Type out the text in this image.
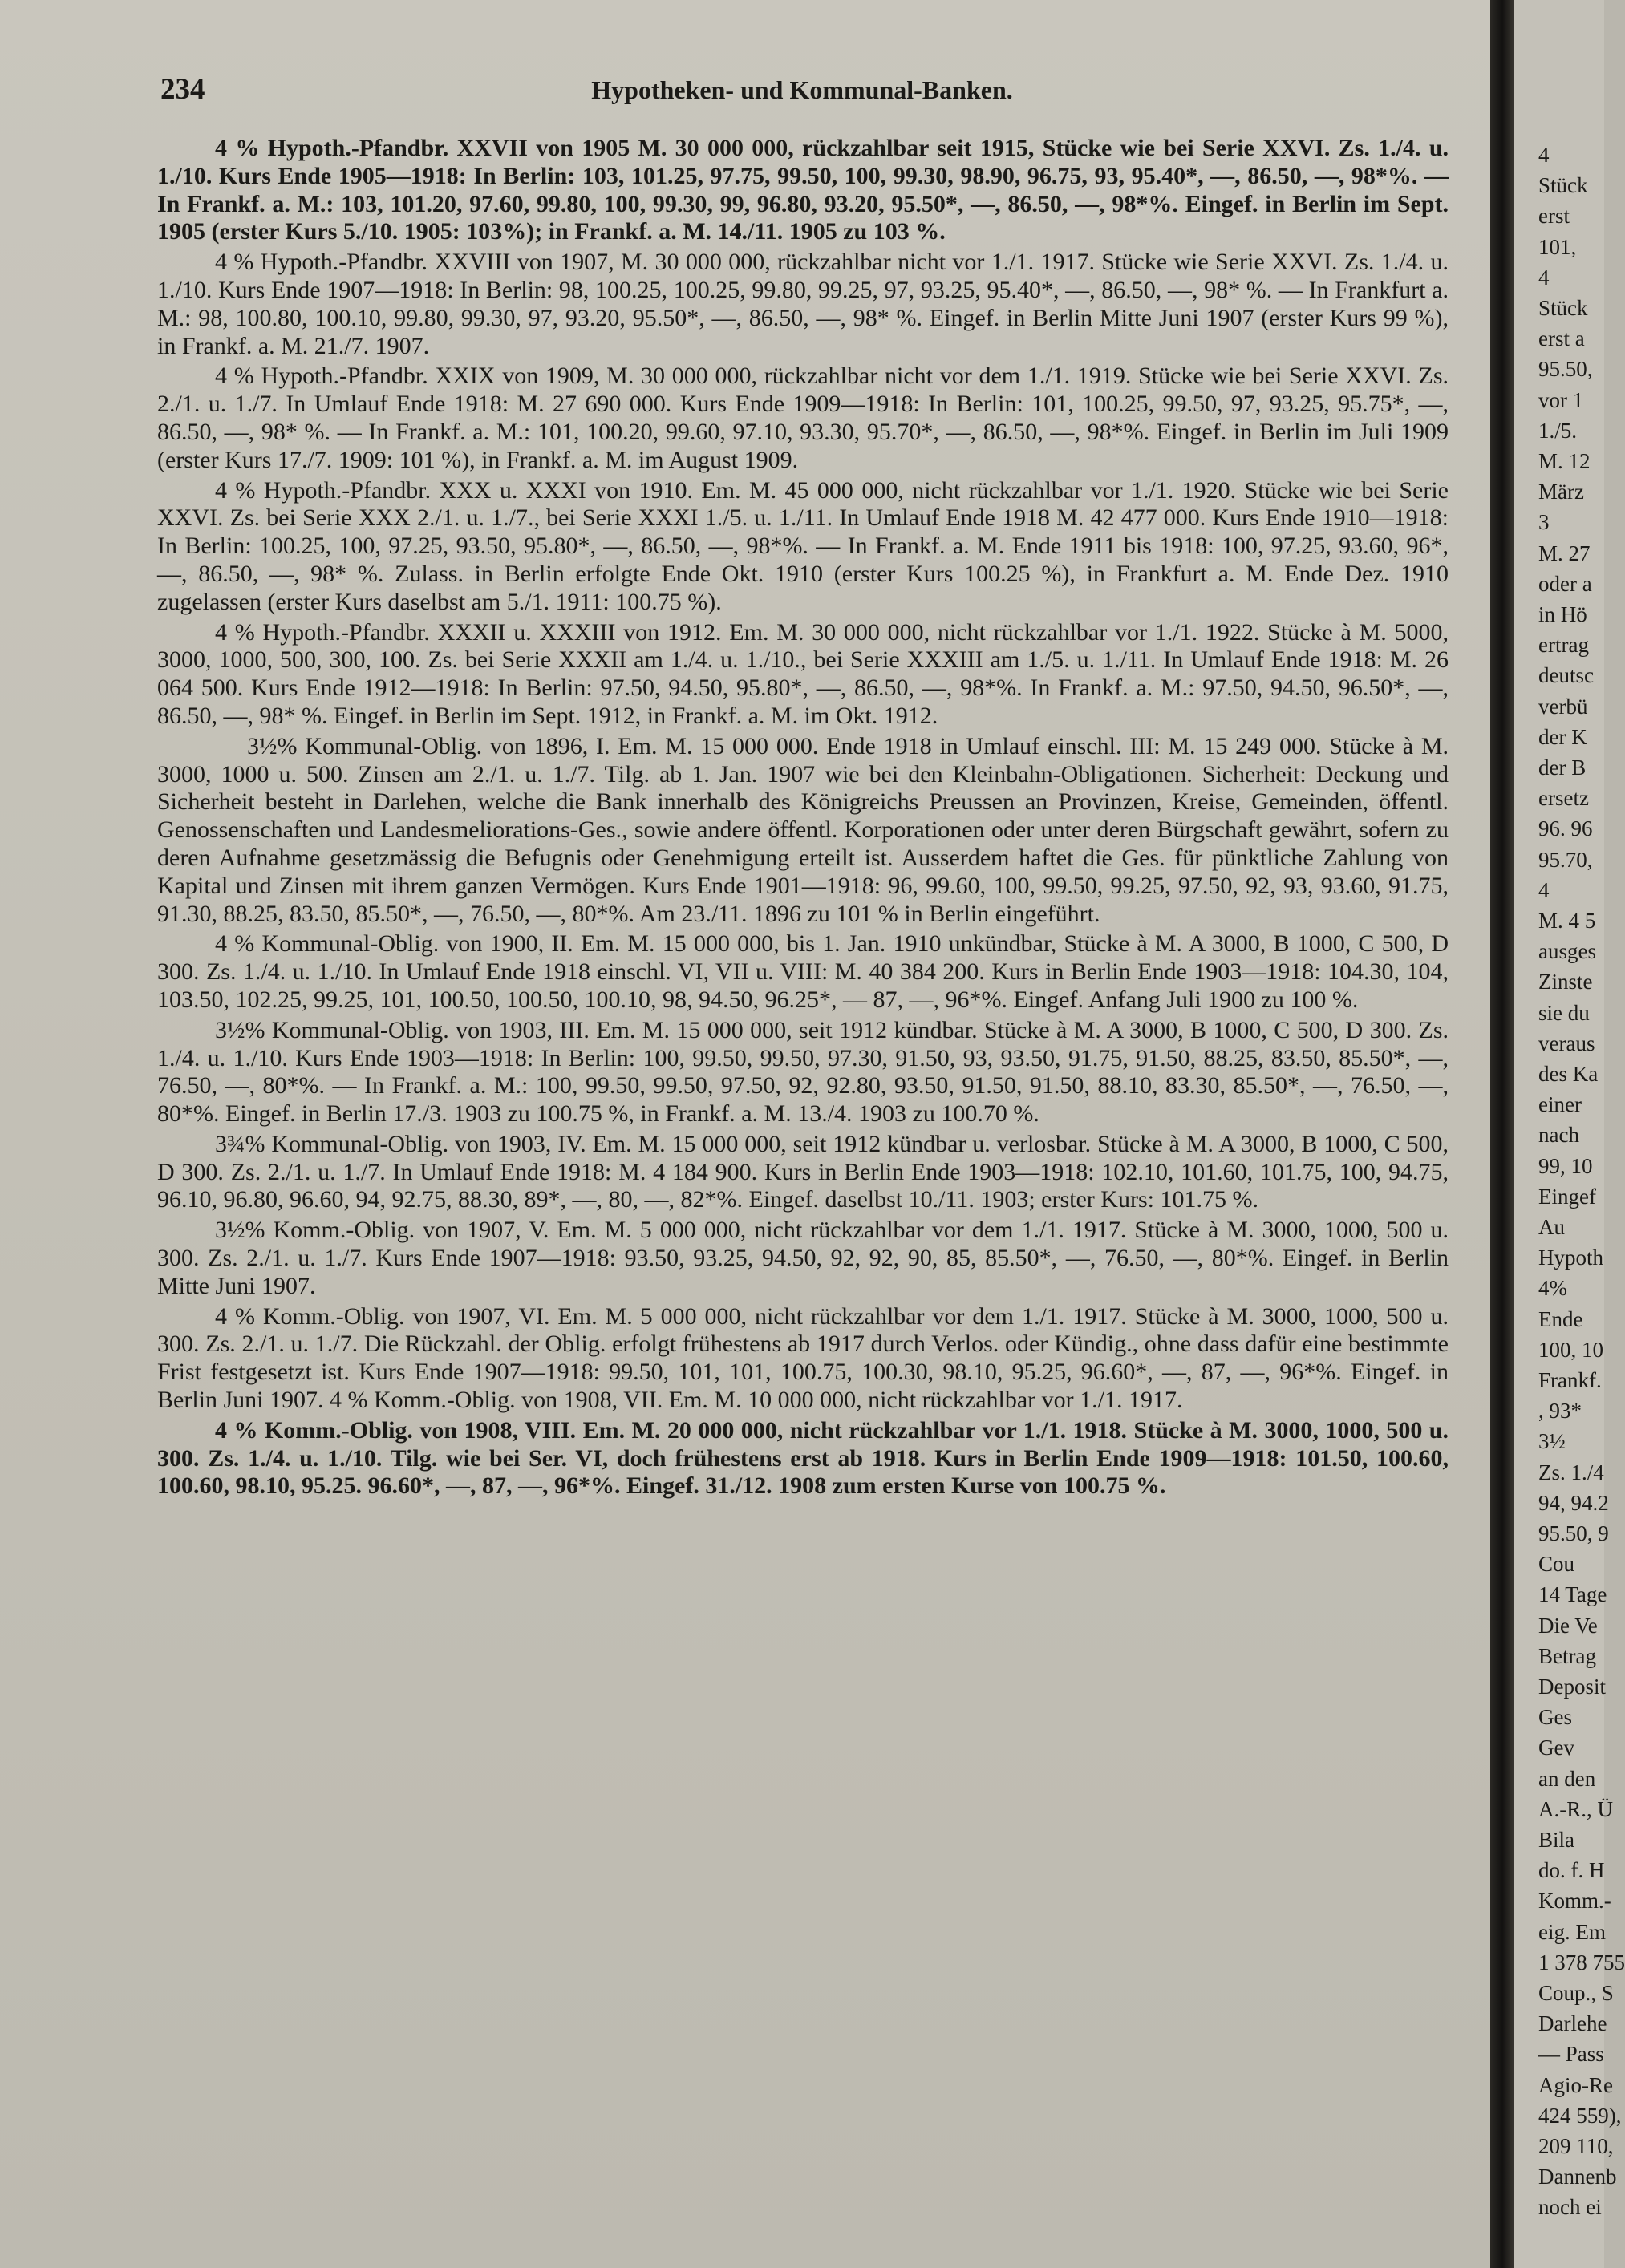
234	Hypotheken- und Kommunal-Banken.

4 % Hypoth.-Pfandbr. XXVII von 1905 M. 30 000 000, rückzahlbar seit 1915, Stücke wie bei Serie XXVI. Zs. 1./4. u. 1./10. Kurs Ende 1905—1918: In Berlin: 103, 101.25, 97.75, 99.50, 100, 99.30, 98.90, 96.75, 93, 95.40*, —, 86.50, —, 98*%. — In Frankf. a. M.: 103, 101.20, 97.60, 99.80, 100, 99.30, 99, 96.80, 93.20, 95.50*, —, 86.50, —, 98*%. Eingef. in Berlin im Sept. 1905 (erster Kurs 5./10. 1905: 103%); in Frankf. a. M. 14./11. 1905 zu 103 %.

4 % Hypoth.-Pfandbr. XXVIII von 1907, M. 30 000 000, rückzahlbar nicht vor 1./1. 1917. Stücke wie Serie XXVI. Zs. 1./4. u. 1./10. Kurs Ende 1907—1918: In Berlin: 98, 100.25, 100.25, 99.80, 99.25, 97, 93.25, 95.40*, —, 86.50, —, 98* %. — In Frankfurt a. M.: 98, 100.80, 100.10, 99.80, 99.30, 97, 93.20, 95.50*, —, 86.50, —, 98* %. Eingef. in Berlin Mitte Juni 1907 (erster Kurs 99 %), in Frankf. a. M. 21./7. 1907.

4 % Hypoth.-Pfandbr. XXIX von 1909, M. 30 000 000, rückzahlbar nicht vor dem 1./1. 1919. Stücke wie bei Serie XXVI. Zs. 2./1. u. 1./7. In Umlauf Ende 1918: M. 27 690 000. Kurs Ende 1909—1918: In Berlin: 101, 100.25, 99.50, 97, 93.25, 95.75*, —, 86.50, —, 98* %. — In Frankf. a. M.: 101, 100.20, 99.60, 97.10, 93.30, 95.70*, —, 86.50, —, 98*%. Eingef. in Berlin im Juli 1909 (erster Kurs 17./7. 1909: 101 %), in Frankf. a. M. im August 1909.

4 % Hypoth.-Pfandbr. XXX u. XXXI von 1910. Em. M. 45 000 000, nicht rückzahlbar vor 1./1. 1920. Stücke wie bei Serie XXVI. Zs. bei Serie XXX 2./1. u. 1./7., bei Serie XXXI 1./5. u. 1./11. In Umlauf Ende 1918 M. 42 477 000. Kurs Ende 1910—1918: In Berlin: 100.25, 100, 97.25, 93.50, 95.80*, —, 86.50, —, 98*%. — In Frankf. a. M. Ende 1911 bis 1918: 100, 97.25, 93.60, 96*, —, 86.50, —, 98* %. Zulass. in Berlin erfolgte Ende Okt. 1910 (erster Kurs 100.25 %), in Frankfurt a. M. Ende Dez. 1910 zugelassen (erster Kurs daselbst am 5./1. 1911: 100.75 %).

4 % Hypoth.-Pfandbr. XXXII u. XXXIII von 1912. Em. M. 30 000 000, nicht rückzahlbar vor 1./1. 1922. Stücke à M. 5000, 3000, 1000, 500, 300, 100. Zs. bei Serie XXXII am 1./4. u. 1./10., bei Serie XXXIII am 1./5. u. 1./11. In Umlauf Ende 1918: M. 26 064 500. Kurs Ende 1912—1918: In Berlin: 97.50, 94.50, 95.80*, —, 86.50, —, 98*%. In Frankf. a. M.: 97.50, 94.50, 96.50*, —, 86.50, —, 98* %. Eingef. in Berlin im Sept. 1912, in Frankf. a. M. im Okt. 1912.

3½% Kommunal-Oblig. von 1896, I. Em. M. 15 000 000. Ende 1918 in Umlauf einschl. III: M. 15 249 000. Stücke à M. 3000, 1000 u. 500. Zinsen am 2./1. u. 1./7. Tilg. ab 1. Jan. 1907 wie bei den Kleinbahn-Obligationen. Sicherheit: Deckung und Sicherheit besteht in Darlehen, welche die Bank innerhalb des Königreichs Preussen an Provinzen, Kreise, Gemeinden, öffentl. Genossenschaften und Landesmeliorations-Ges., sowie andere öffentl. Korporationen oder unter deren Bürgschaft gewährt, sofern zu deren Aufnahme gesetzmässig die Befugnis oder Genehmigung erteilt ist. Ausserdem haftet die Ges. für pünktliche Zahlung von Kapital und Zinsen mit ihrem ganzen Vermögen. Kurs Ende 1901—1918: 96, 99.60, 100, 99.50, 99.25, 97.50, 92, 93, 93.60, 91.75, 91.30, 88.25, 83.50, 85.50*, —, 76.50, —, 80*%. Am 23./11. 1896 zu 101 % in Berlin eingeführt.

4 % Kommunal-Oblig. von 1900, II. Em. M. 15 000 000, bis 1. Jan. 1910 unkündbar, Stücke à M. A 3000, B 1000, C 500, D 300. Zs. 1./4. u. 1./10. In Umlauf Ende 1918 einschl. VI, VII u. VIII: M. 40 384 200. Kurs in Berlin Ende 1903—1918: 104.30, 104, 103.50, 102.25, 99.25, 101, 100.50, 100.50, 100.10, 98, 94.50, 96.25*, — 87, —, 96*%. Eingef. Anfang Juli 1900 zu 100 %.

3½% Kommunal-Oblig. von 1903, III. Em. M. 15 000 000, seit 1912 kündbar. Stücke à M. A 3000, B 1000, C 500, D 300. Zs. 1./4. u. 1./10. Kurs Ende 1903—1918: In Berlin: 100, 99.50, 99.50, 97.30, 91.50, 93, 93.50, 91.75, 91.50, 88.25, 83.50, 85.50*, —, 76.50, —, 80*%. — In Frankf. a. M.: 100, 99.50, 99.50, 97.50, 92, 92.80, 93.50, 91.50, 91.50, 88.10, 83.30, 85.50*, —, 76.50, —, 80*%. Eingef. in Berlin 17./3. 1903 zu 100.75 %, in Frankf. a. M. 13./4. 1903 zu 100.70 %.

3¾% Kommunal-Oblig. von 1903, IV. Em. M. 15 000 000, seit 1912 kündbar u. verlosbar. Stücke à M. A 3000, B 1000, C 500, D 300. Zs. 2./1. u. 1./7. In Umlauf Ende 1918: M. 4 184 900. Kurs in Berlin Ende 1903—1918: 102.10, 101.60, 101.75, 100, 94.75, 96.10, 96.80, 96.60, 94, 92.75, 88.30, 89*, —, 80, —, 82*%. Eingef. daselbst 10./11. 1903; erster Kurs: 101.75 %.

3½% Komm.-Oblig. von 1907, V. Em. M. 5 000 000, nicht rückzahlbar vor dem 1./1. 1917. Stücke à M. 3000, 1000, 500 u. 300. Zs. 2./1. u. 1./7. Kurs Ende 1907—1918: 93.50, 93.25, 94.50, 92, 92, 90, 85, 85.50*, —, 76.50, —, 80*%. Eingef. in Berlin Mitte Juni 1907.

4 % Komm.-Oblig. von 1907, VI. Em. M. 5 000 000, nicht rückzahlbar vor dem 1./1. 1917. Stücke à M. 3000, 1000, 500 u. 300. Zs. 2./1. u. 1./7. Die Rückzahl. der Oblig. erfolgt frühestens ab 1917 durch Verlos. oder Kündig., ohne dass dafür eine bestimmte Frist festgesetzt ist. Kurs Ende 1907—1918: 99.50, 101, 101, 100.75, 100.30, 98.10, 95.25, 96.60*, —, 87, —, 96*%. Eingef. in Berlin Juni 1907. 4 % Komm.-Oblig. von 1908, VII. Em. M. 10 000 000, nicht rückzahlbar vor 1./1. 1917.

4 % Komm.-Oblig. von 1908, VIII. Em. M. 20 000 000, nicht rückzahlbar vor 1./1. 1918. Stücke à M. 3000, 1000, 500 u. 300. Zs. 1./4. u. 1./10. Tilg. wie bei Ser. VI, doch frühestens erst ab 1918. Kurs in Berlin Ende 1909—1918: 101.50, 100.60, 100.60, 98.10, 95.25. 96.60*, —, 87, —, 96*%. Eingef. 31./12. 1908 zum ersten Kurse von 100.75 %.

4
Stück
erst
101,
4
Stück
erst a
95.50,
vor 1
1./5.
M. 12
März
3
M. 27
oder a
in Hö
ertrag
deutsc
verbü
der K
der B
ersetz
96. 96
95.70,
4
M. 4 5
ausges
Zinste
sie du
veraus
des Ka
einer
nach
99, 10
Eingef
Au
Hypoth
4%
Ende
100, 10
Frankf.
, 93*
3½
Zs. 1./4
94, 94.2
95.50, 9
Cou
14 Tage
Die Ve
Betrag
Deposit
Ges
Gev
an den
A.-R., Ü
Bila
do. f. H
Komm.-
eig. Em
1 378 755
Coup., S
Darlehe
— Pass
Agio-Re
424 559),
209 110,
Dannenb
noch ei
